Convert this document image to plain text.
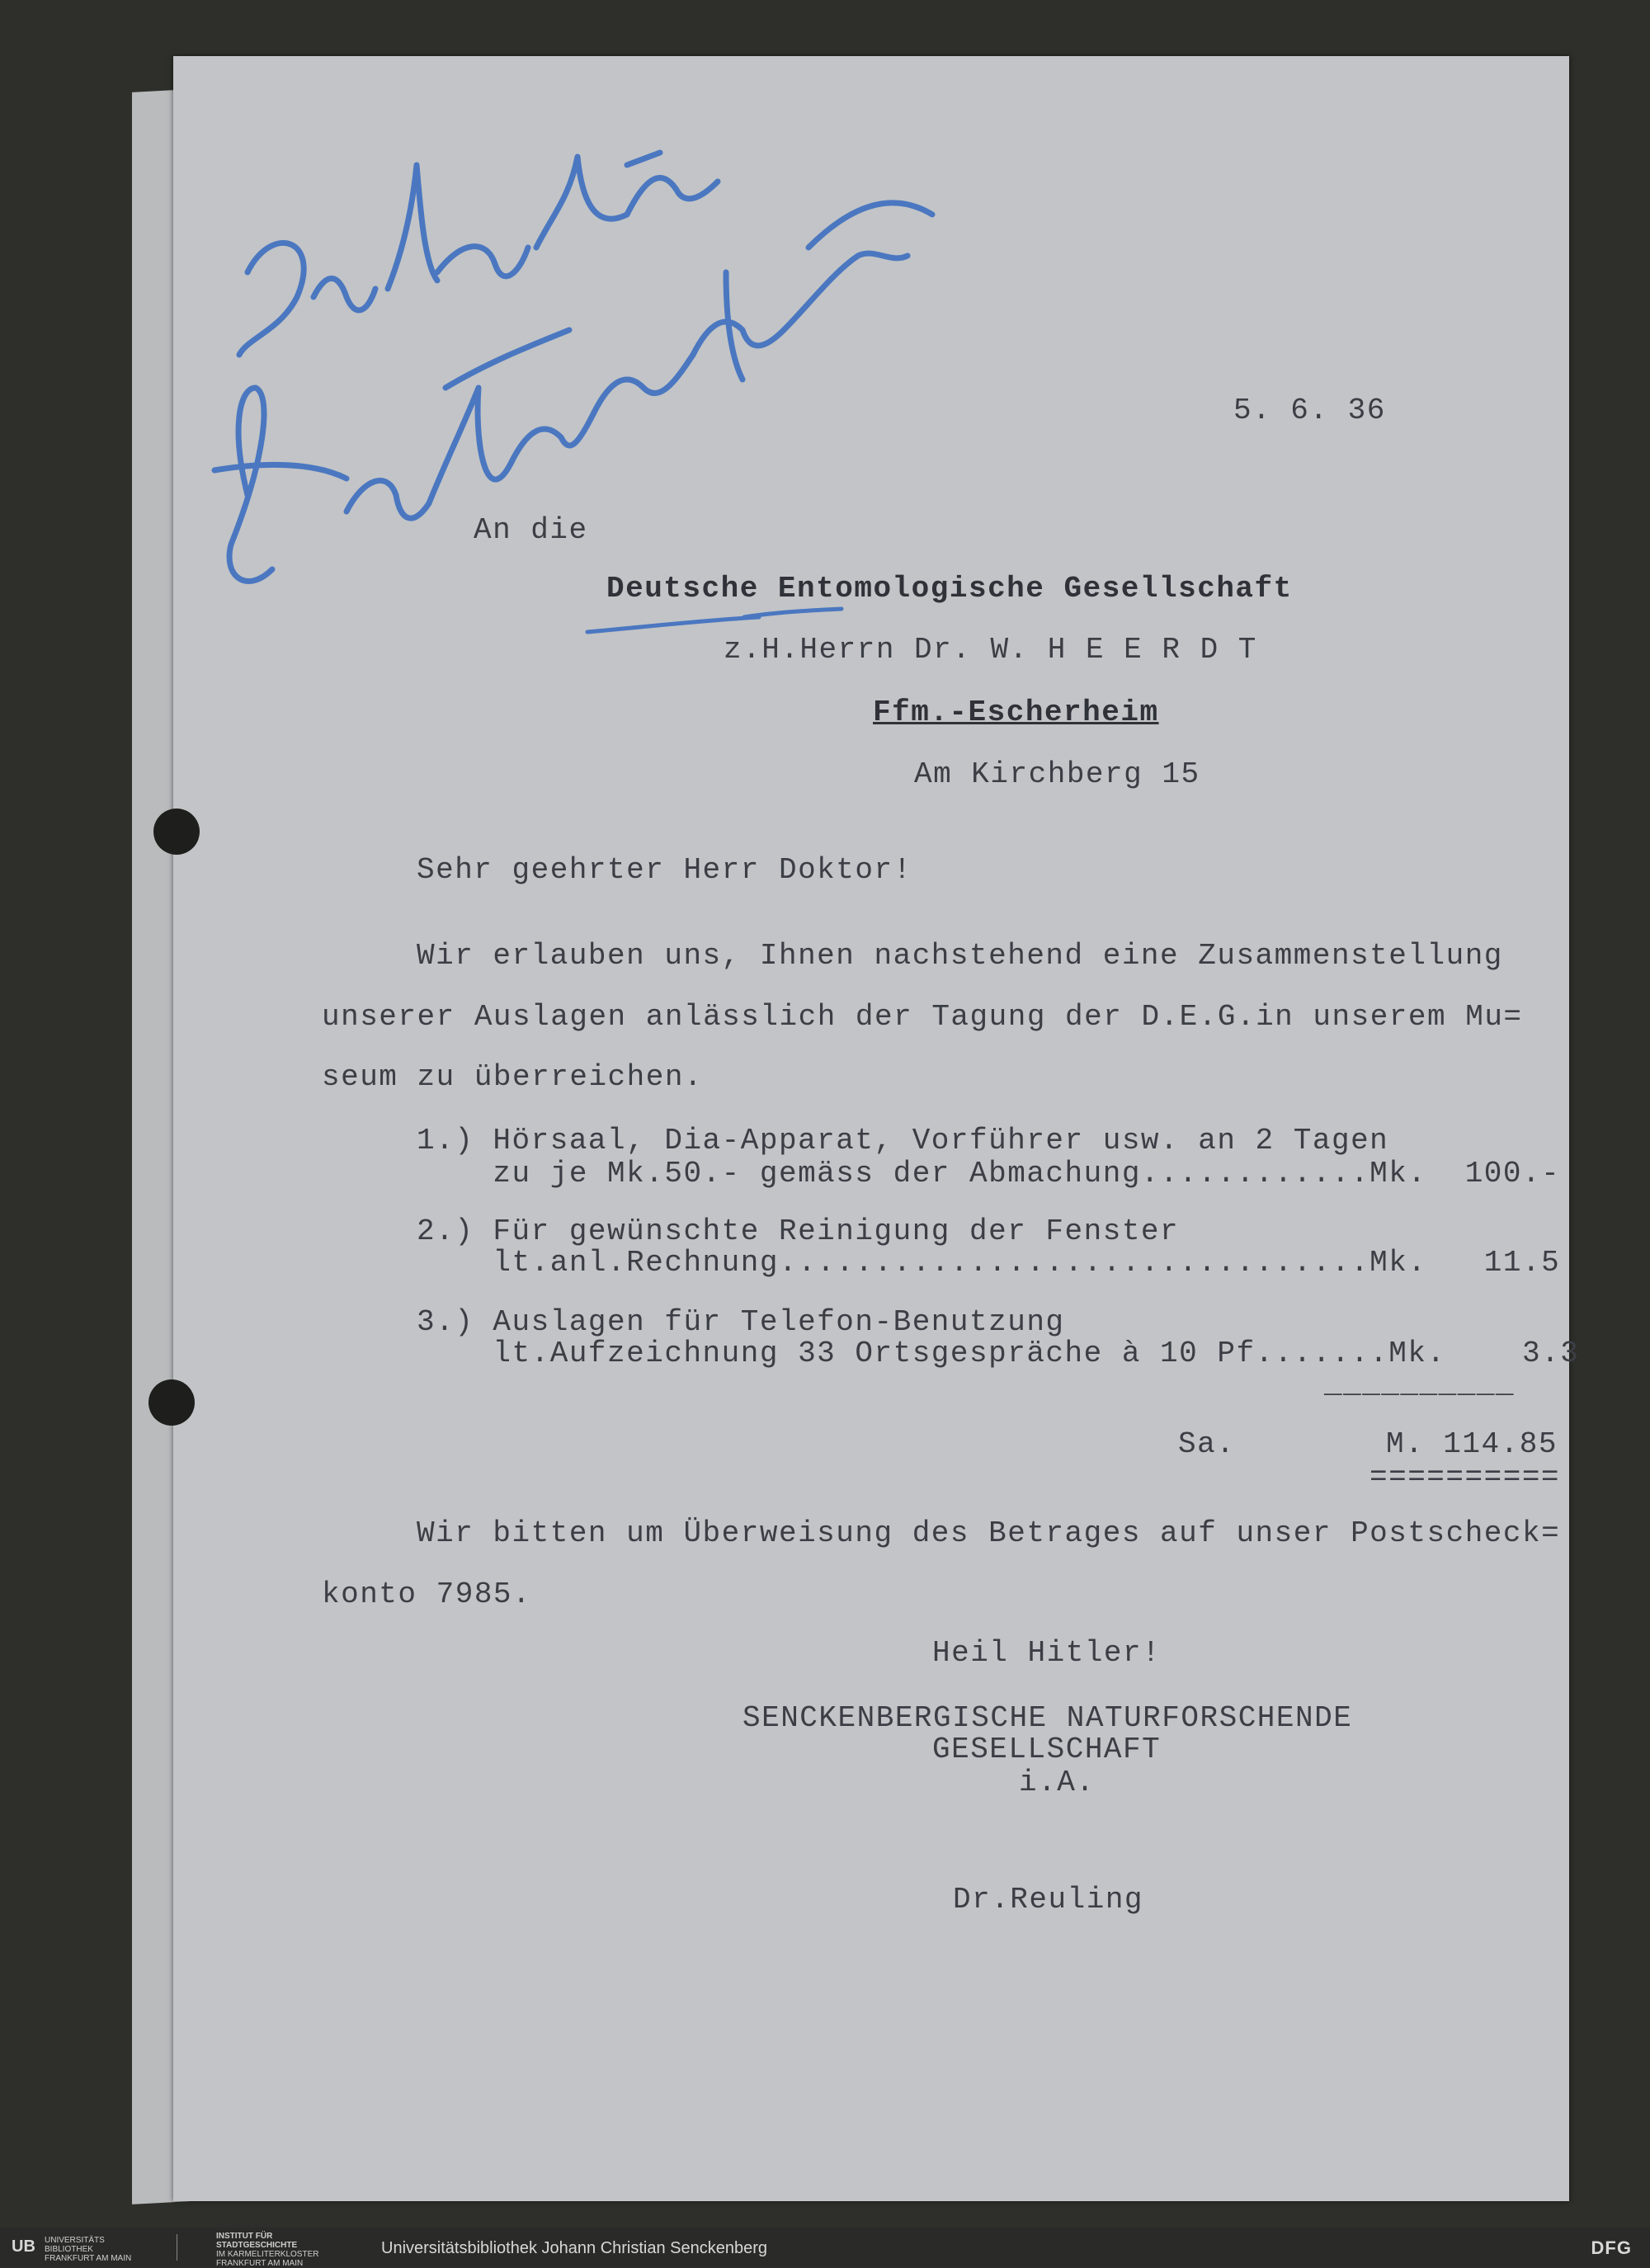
5. 6. 36
An die
Deutsche Entomologische Gesellschaft
z.H.Herrn Dr. W. H E E R D T
Ffm.-Escherheim
Am Kirchberg 15
Sehr geehrter Herr Doktor!
Wir erlauben uns, Ihnen nachstehend eine Zusammenstellung
unserer Auslagen anlässlich der Tagung der D.E.G.in unserem Mu=
seum zu überreichen.
1.) Hörsaal, Dia-Apparat, Vorführer usw. an 2 Tagen
zu je Mk.50.- gemäss der Abmachung............Mk.  100.-
2.) Für gewünschte Reinigung der Fenster
lt.anl.Rechnung...............................Mk.   11.5
3.) Auslagen für Telefon-Benutzung
lt.Aufzeichnung 33 Ortsgespräche à 10 Pf.......Mk.    3.3
__________
Sa.	M. 114.85
==========
Wir bitten um Überweisung des Betrages auf unser Postscheck=
konto 7985.
Heil Hitler!
SENCKENBERGISCHE NATURFORSCHENDE
GESELLSCHAFT
i.A.
Dr.Reuling
UB UNIVERSITÄTS
BIBLIOTHEK
FRANKFURT AM MAIN
INSTITUT FÜR
STADTGESCHICHTE
IM KARMELITERKLOSTER
FRANKFURT AM MAIN
Universitätsbibliothek Johann Christian Senckenberg	DFG
